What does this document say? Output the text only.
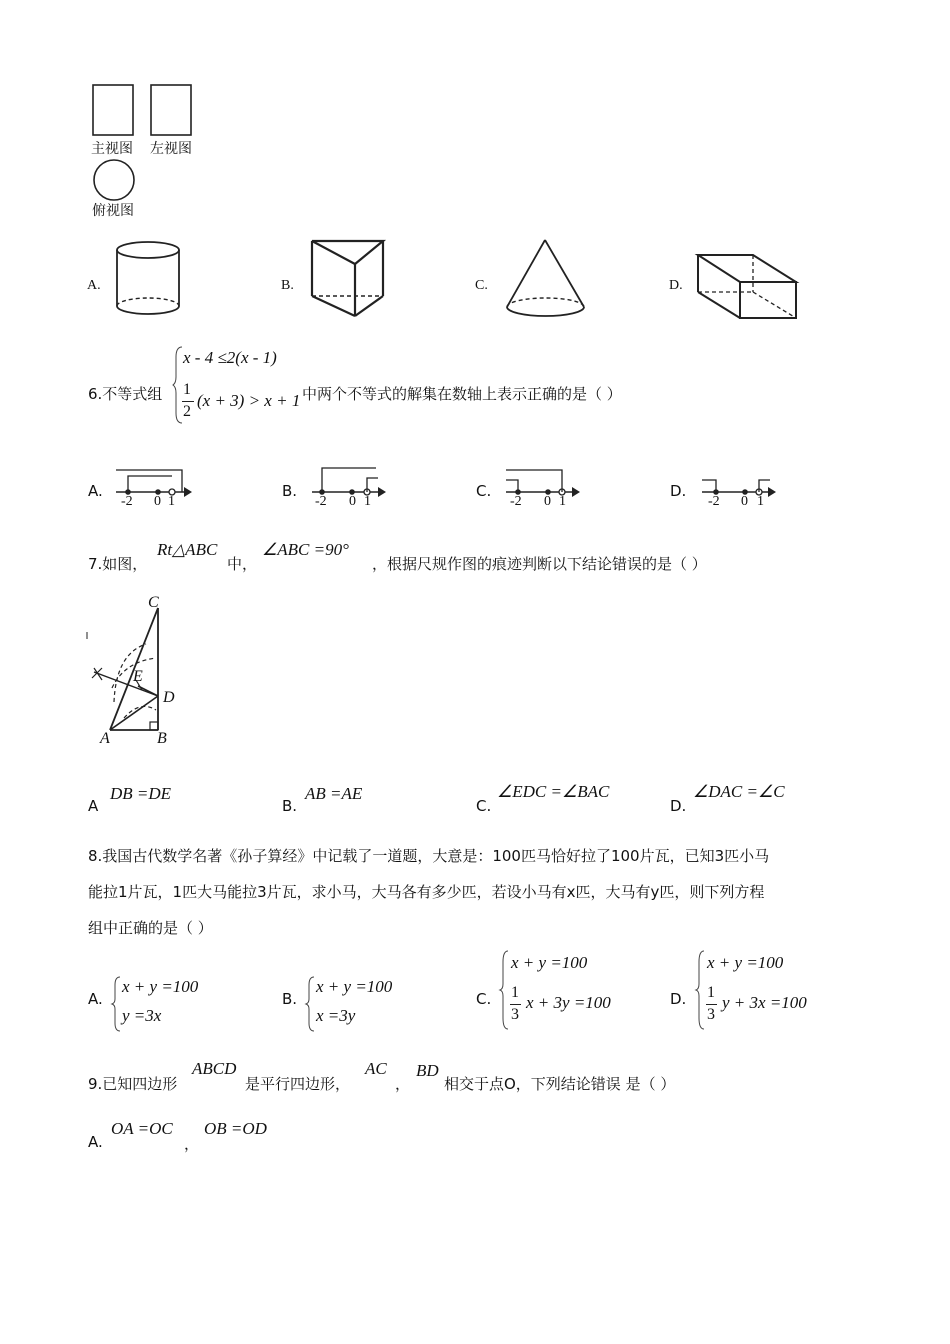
主视图 左视图
俯视图
A.	B.	C.	D.
6.不等式组
x - 4 ≤2(x - 1)
1
2
(x + 3) > x + 1 中两个不等式的解集在数轴上表示正确的是（ ）
A.
-2 0 1
B.
-2 0 1
C.
-2 0 1
D.
-2 0 1
7.如图，
Rt△ABC
中，
∠ABC =90°
，根据尺规作图的痕迹判断以下结论错误的是（ ）
C
E
D
A	B
A
DB =DE
B.
AB =AE
C.
∠EDC =∠BAC
D.
∠DAC =∠C
8.我国古代数学名著《孙子算经》中记载了一道题，大意是：100匹马恰好拉了100片瓦，已知3匹小马
能拉1片瓦，1匹大马能拉3片瓦，求小马，大马各有多少匹，若设小马有x匹，大马有y匹，则下列方程
组中正确的是（ ）
A.
x + y =100
y =3x
B.
x + y =100
x =3y
C.
x + y =100
1
3
x + 3y =100	D.
x + y =100
1
3
y + 3x =100
9.已知四边形
ABCD
是平行四边形，
AC
，
BD
相交于点O，下列结论错误 是（ ）
A.
OA =OC
，
OB =OD
